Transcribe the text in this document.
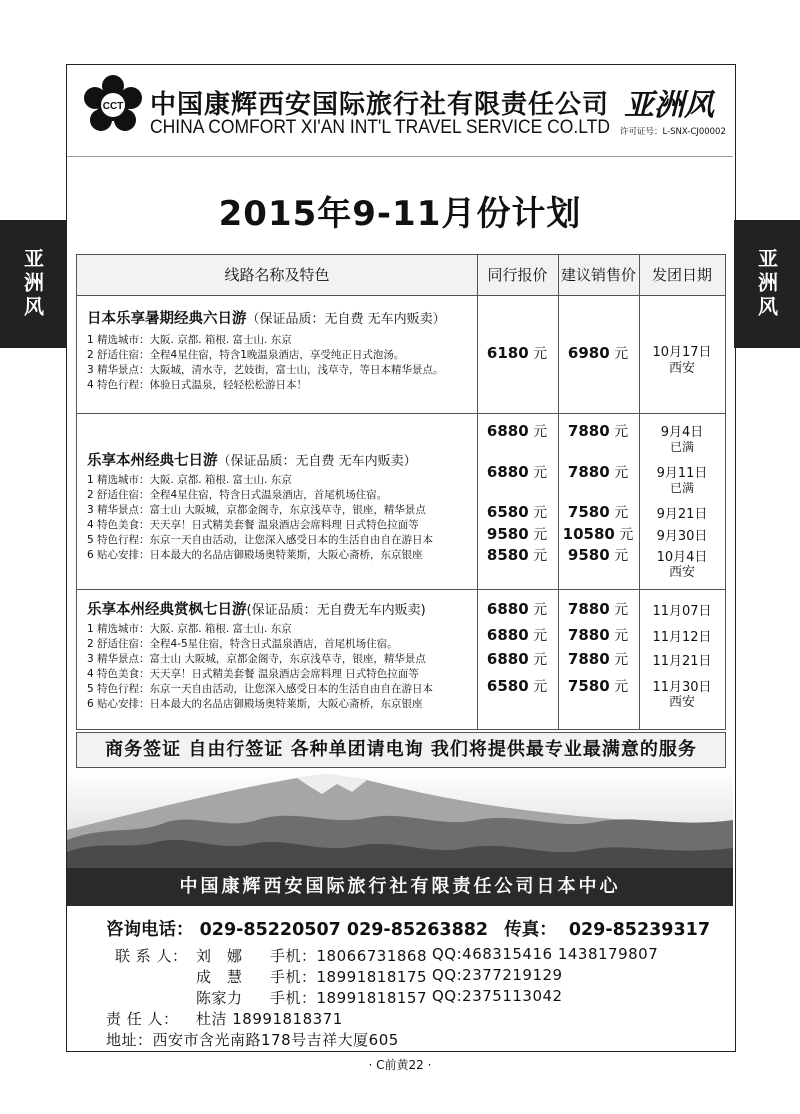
CCT 中国康辉西安国际旅行社有限责任公司
CHINA COMFORT XI'AN INT'L TRAVEL SERVICE CO.LTD
亚洲风
许可证号：L-SNX-CJ00002
2015年9-11月份计划
亚洲风	亚洲风
线路名称及特色	同行报价 建议销售价	发团日期
日本乐享暑期经典六日游（保证品质：无自费 无车内贩卖）
1 精选城市：大阪. 京都. 箱根. 富士山. 东京
2 舒适住宿：全程4星住宿，特含1晚温泉酒店，享受纯正日式泡汤。
3 精华景点：大阪城，清水寺，艺妓街，富士山，浅草寺，等日本精华景点。
4 特色行程：体验日式温泉，轻轻松松游日本！
6180 元	6980 元	10月17日
西安
6880 元	7880 元	9月4日
已满
乐享本州经典七日游（保证品质：无自费 无车内贩卖）
6880 元	7880 元	9月11日
已满
1 精选城市：大阪. 京都. 箱根. 富士山. 东京
2 舒适住宿：全程4星住宿，特含日式温泉酒店，首尾机场住宿。
3 精华景点：富士山 大阪城，京都金阁寺，东京浅草寺，银座，精华景点
4 特色美食：天天享！日式精美套餐 温泉酒店会席料理 日式特色拉面等
5 特色行程：东京一天自由活动，让您深入感受日本的生活自由自在游日本
6 贴心安排：日本最大的名品店御殿场奥特莱斯，大阪心斋桥，东京银座
6580 元	7580 元	9月21日
9580 元	10580 元	9月30日
8580 元	9580 元	10月4日
西安
乐享本州经典赏枫七日游(保证品质：无自费无车内贩卖)
1 精选城市：大阪. 京都. 箱根. 富士山. 东京
2 舒适住宿：全程4-5星住宿，特含日式温泉酒店，首尾机场住宿。
3 精华景点：富士山 大阪城，京都金阁寺，东京浅草寺，银座，精华景点
4 特色美食：天天享！日式精美套餐 温泉酒店会席料理 日式特色拉面等
5 特色行程：东京一天自由活动，让您深入感受日本的生活自由自在游日本
6 贴心安排：日本最大的名品店御殿场奥特莱斯，大阪心斋桥，东京银座
6880 元	7880 元	11月07日
6880 元	7880 元	11月12日
6880 元	7880 元	11月21日
6580 元	7580 元	11月30日
西安
商务签证 自由行签证 各种单团请电询 我们将提供最专业最满意的服务
中国康辉西安国际旅行社有限责任公司日本中心
咨询电话： 029-85220507 029-85263882 传真： 029-85239317
联 系 人： 刘　娜 手机：18066731868 QQ:468315416 1438179807
成　慧 手机：18991818175 QQ:2377219129
陈家力 手机：18991818157 QQ:2375113042
责 任 人： 杜洁 18991818371
地址：西安市含光南路178号吉祥大厦605
· C前黄22 ·
